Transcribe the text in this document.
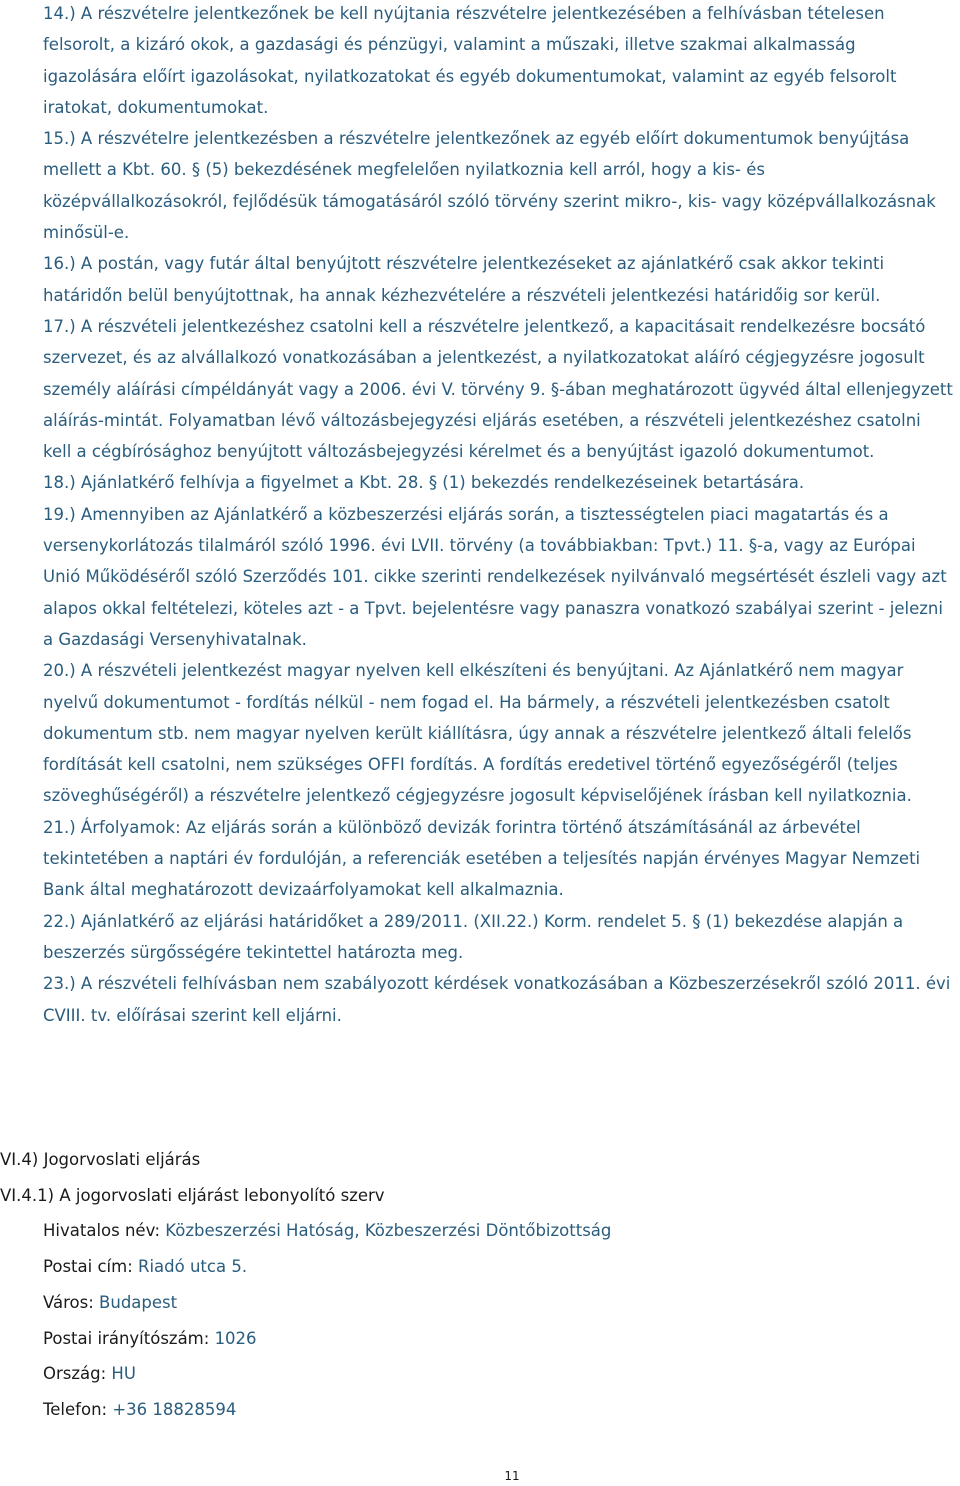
14.) A részvételre jelentkezőnek be kell nyújtania részvételre jelentkezésében a felhívásban tételesen felsorolt, a kizáró okok, a gazdasági és pénzügyi, valamint a műszaki, illetve szakmai alkalmasság igazolására előírt igazolásokat, nyilatkozatokat és egyéb dokumentumokat, valamint az egyéb felsorolt iratokat, dokumentumokat.

15.) A részvételre jelentkezésben a részvételre jelentkezőnek az egyéb előírt dokumentumok benyújtása mellett a Kbt. 60. § (5) bekezdésének megfelelően nyilatkoznia kell arról, hogy a kis- és középvállalkozásokról, fejlődésük támogatásáról szóló törvény szerint mikro-, kis- vagy középvállalkozásnak minősül-e.

16.) A postán, vagy futár által benyújtott részvételre jelentkezéseket az ajánlatkérő csak akkor tekinti határidőn belül benyújtottnak, ha annak kézhezvételére a részvételi jelentkezési határidőig sor kerül.

17.) A részvételi jelentkezéshez csatolni kell a részvételre jelentkező, a kapacitásait rendelkezésre bocsátó szervezet, és az alvállalkozó vonatkozásában a jelentkezést, a nyilatkozatokat aláíró cégjegyzésre jogosult személy aláírási címpéldányát vagy a 2006. évi V. törvény 9. §-ában meghatározott ügyvéd által ellenjegyzett aláírás-mintát. Folyamatban lévő változásbejegyzési eljárás esetében, a részvételi jelentkezéshez csatolni kell a cégbírósághoz benyújtott változásbejegyzési kérelmet és a benyújtást igazoló dokumentumot.

18.) Ajánlatkérő felhívja a figyelmet a Kbt. 28. § (1) bekezdés rendelkezéseinek betartására.

19.) Amennyiben az Ajánlatkérő a közbeszerzési eljárás során, a tisztességtelen piaci magatartás és a versenykorlátozás tilalmáról szóló 1996. évi LVII. törvény (a továbbiakban: Tpvt.) 11. §-a, vagy az Európai Unió Működéséről szóló Szerződés 101. cikke szerinti rendelkezések nyilvánvaló megsértését észleli vagy azt alapos okkal feltételezi, köteles azt - a Tpvt. bejelentésre vagy panaszra vonatkozó szabályai szerint - jelezni a Gazdasági Versenyhivatalnak.

20.) A részvételi jelentkezést magyar nyelven kell elkészíteni és benyújtani. Az Ajánlatkérő nem magyar nyelvű dokumentumot - fordítás nélkül - nem fogad el. Ha bármely, a részvételi jelentkezésben csatolt dokumentum stb. nem magyar nyelven került kiállításra, úgy annak a részvételre jelentkező általi felelős fordítását kell csatolni, nem szükséges OFFI fordítás. A fordítás eredetivel történő egyezőségéről (teljes szöveghűségéről) a részvételre jelentkező cégjegyzésre jogosult képviselőjének írásban kell nyilatkoznia.

21.) Árfolyamok: Az eljárás során a különböző devizák forintra történő átszámításánál az árbevétel tekintetében a naptári év fordulóján, a referenciák esetében a teljesítés napján érvényes Magyar Nemzeti Bank által meghatározott devizaárfolyamokat kell alkalmaznia.

22.) Ajánlatkérő az eljárási határidőket a 289/2011. (XII.22.) Korm. rendelet 5. § (1) bekezdése alapján a beszerzés sürgősségére tekintettel határozta meg.

23.) A részvételi felhívásban nem szabályozott kérdések vonatkozásában a Közbeszerzésekről szóló 2011. évi CVIII. tv. előírásai szerint kell eljárni.

VI.4) Jogorvoslati eljárás
VI.4.1) A jogorvoslati eljárást lebonyolító szerv
Hivatalos név: Közbeszerzési Hatóság, Közbeszerzési Döntőbizottság
Postai cím: Riadó utca 5.
Város: Budapest
Postai irányítószám: 1026
Ország: HU
Telefon: +36 18828594
11
